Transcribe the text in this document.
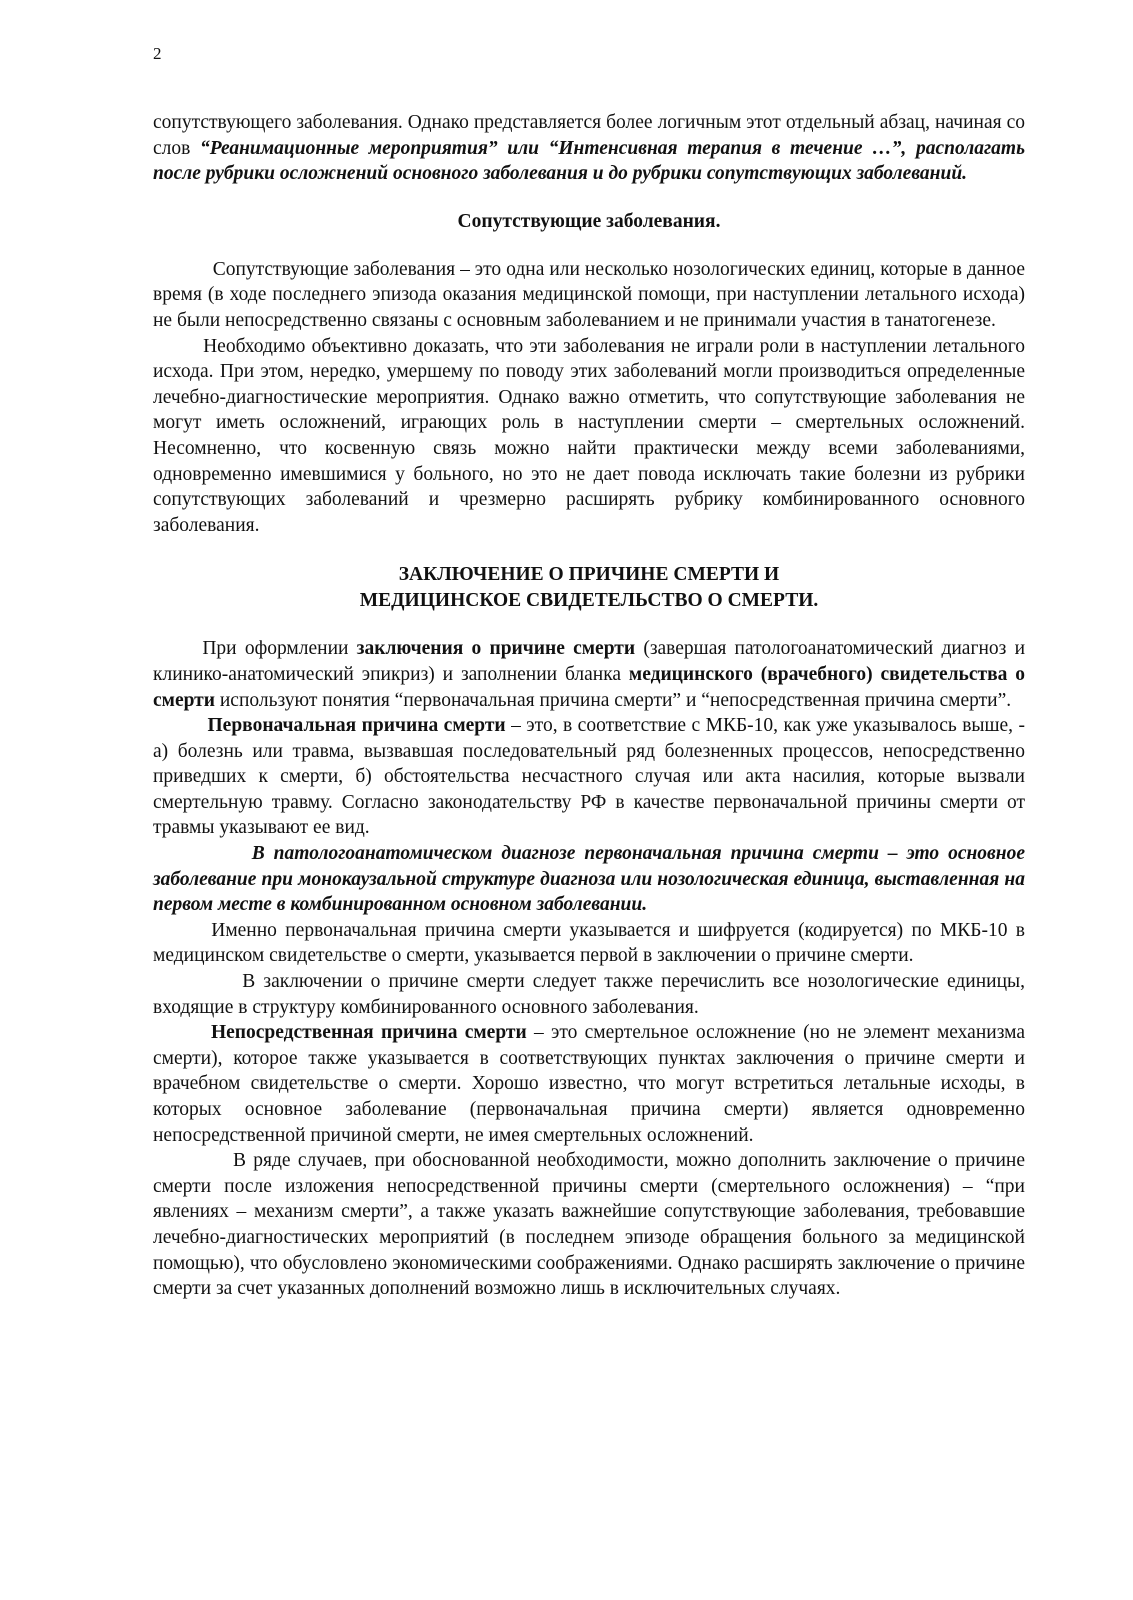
2

сопутствующего заболевания. Однако представляется более логичным этот отдельный абзац, начиная со слов “Реанимационные мероприятия” или “Интенсивная терапия в течение …”, располагать после рубрики осложнений основного заболевания и до рубрики сопутствующих заболеваний.

Сопутствующие заболевания.

Сопутствующие заболевания – это одна или несколько нозологических единиц, которые в данное время (в ходе последнего эпизода оказания медицинской помощи, при наступлении летального исхода) не были непосредственно связаны с основным заболеванием и не принимали участия в танатогенезе.

Необходимо объективно доказать, что эти заболевания не играли роли в наступлении летального исхода. При этом, нередко, умершему по поводу этих заболеваний могли производиться определенные лечебно-диагностические мероприятия. Однако важно отметить, что сопутствующие заболевания не могут иметь осложнений, играющих роль в наступлении смерти – смертельных осложнений. Несомненно, что косвенную связь можно найти практически между всеми заболеваниями, одновременно имевшимися у больного, но это не дает повода исключать такие болезни из рубрики сопутствующих заболеваний и чрезмерно расширять рубрику комбинированного основного заболевания.

ЗАКЛЮЧЕНИЕ О ПРИЧИНЕ СМЕРТИ И
МЕДИЦИНСКОЕ СВИДЕТЕЛЬСТВО О СМЕРТИ.

При оформлении заключения о причине смерти (завершая патологоанатомический диагноз и клинико-анатомический эпикриз) и заполнении бланка медицинского (врачебного) свидетельства о смерти используют понятия “первоначальная причина смерти” и “непосредственная причина смерти”.

Первоначальная причина смерти – это, в соответствие с МКБ-10, как уже указывалось выше, - а) болезнь или травма, вызвавшая последовательный ряд болезненных процессов, непосредственно приведших к смерти, б) обстоятельства несчастного случая или акта насилия, которые вызвали смертельную травму. Согласно законодательству РФ в качестве первоначальной причины смерти от травмы указывают ее вид.

В патологоанатомическом диагнозе первоначальная причина смерти – это основное заболевание при монокаузальной структуре диагноза или нозологическая единица, выставленная на первом месте в комбинированном основном заболевании.

Именно первоначальная причина смерти указывается и шифруется (кодируется) по МКБ-10 в медицинском свидетельстве о смерти, указывается первой в заключении о причине смерти.

В заключении о причине смерти следует также перечислить все нозологические единицы, входящие в структуру комбинированного основного заболевания.

Непосредственная причина смерти – это смертельное осложнение (но не элемент механизма смерти), которое также указывается в соответствующих пунктах заключения о причине смерти и врачебном свидетельстве о смерти. Хорошо известно, что могут встретиться летальные исходы, в которых основное заболевание (первоначальная причина смерти) является одновременно непосредственной причиной смерти, не имея смертельных осложнений.

В ряде случаев, при обоснованной необходимости, можно дополнить заключение о причине смерти после изложения непосредственной причины смерти (смертельного осложнения) – “при явлениях – механизм смерти”, а также указать важнейшие сопутствующие заболевания, требовавшие лечебно-диагностических мероприятий (в последнем эпизоде обращения больного за медицинской помощью), что обусловлено экономическими соображениями. Однако расширять заключение о причине смерти за счет указанных дополнений возможно лишь в исключительных случаях.
